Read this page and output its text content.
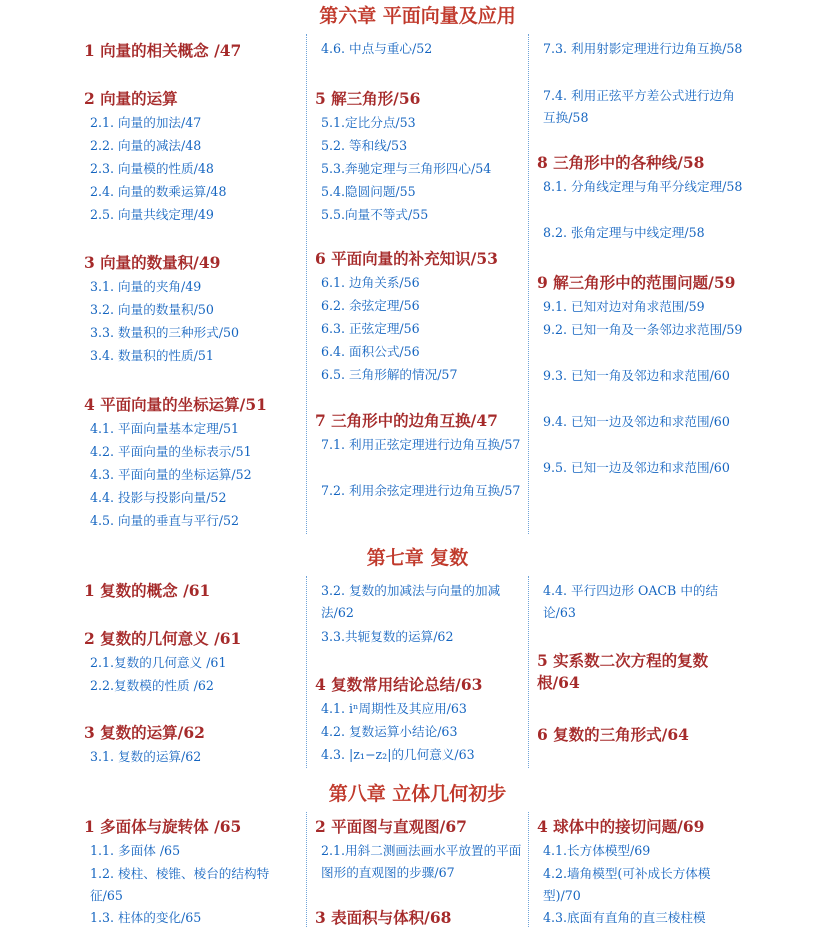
第六章 平面向量及应用
1 向量的相关概念 /47
2 向量的运算
2.1. 向量的加法/47
2.2. 向量的减法/48
2.3. 向量模的性质/48
2.4. 向量的数乘运算/48
2.5. 向量共线定理/49
3 向量的数量积/49
3.1. 向量的夹角/49
3.2. 向量的数量积/50
3.3. 数量积的三种形式/50
3.4. 数量积的性质/51
4 平面向量的坐标运算/51
4.1. 平面向量基本定理/51
4.2. 平面向量的坐标表示/51
4.3. 平面向量的坐标运算/52
4.4. 投影与投影向量/52
4.5. 向量的垂直与平行/52
4.6. 中点与重心/52
5 解三角形/56
5.1.定比分点/53
5.2. 等和线/53
5.3.奔驰定理与三角形四心/54
5.4.隐圆问题/55
5.5.向量不等式/55
6 平面向量的补充知识/53
6.1. 边角关系/56
6.2. 余弦定理/56
6.3. 正弦定理/56
6.4. 面积公式/56
6.5. 三角形解的情况/57
7 三角形中的边角互换/47
7.1. 利用正弦定理进行边角互换/57
7.2. 利用余弦定理进行边角互换/57
7.3. 利用射影定理进行边角互换/58
7.4. 利用正弦平方差公式进行边角互换/58
8 三角形中的各种线/58
8.1. 分角线定理与角平分线定理/58
8.2. 张角定理与中线定理/58
9 解三角形中的范围问题/59
9.1. 已知对边对角求范围/59
9.2. 已知一角及一条邻边求范围/59
9.3. 已知一角及邻边和求范围/60
9.4. 已知一边及邻边和求范围/60
9.5. 已知一边及邻边和求范围/60
第七章 复数
1 复数的概念 /61
2 复数的几何意义 /61
2.1.复数的几何意义 /61
2.2.复数模的性质 /62
3 复数的运算/62
3.1. 复数的运算/62
3.2. 复数的加减法与向量的加减法/62
3.3.共轭复数的运算/62
4 复数常用结论总结/63
4.1. iⁿ周期性及其应用/63
4.2. 复数运算小结论/63
4.3. |z₁−z₂|的几何意义/63
4.4. 平行四边形 OACB 中的结论/63
5 实系数二次方程的复数根/64
6 复数的三角形式/64
第八章 立体几何初步
1 多面体与旋转体 /65
1.1. 多面体 /65
1.2. 棱柱、棱锥、棱台的结构特征/65
1.3. 柱体的变化/65
2 平面图与直观图/67
2.1.用斜二测画法画水平放置的平面图形的直观图的步骤/67
3 表面积与体积/68
4 球体中的接切问题/69
4.1.长方体模型/69
4.2.墙角模型(可补成长方体模型)/70
4.3.底面有直角的直三棱柱模
